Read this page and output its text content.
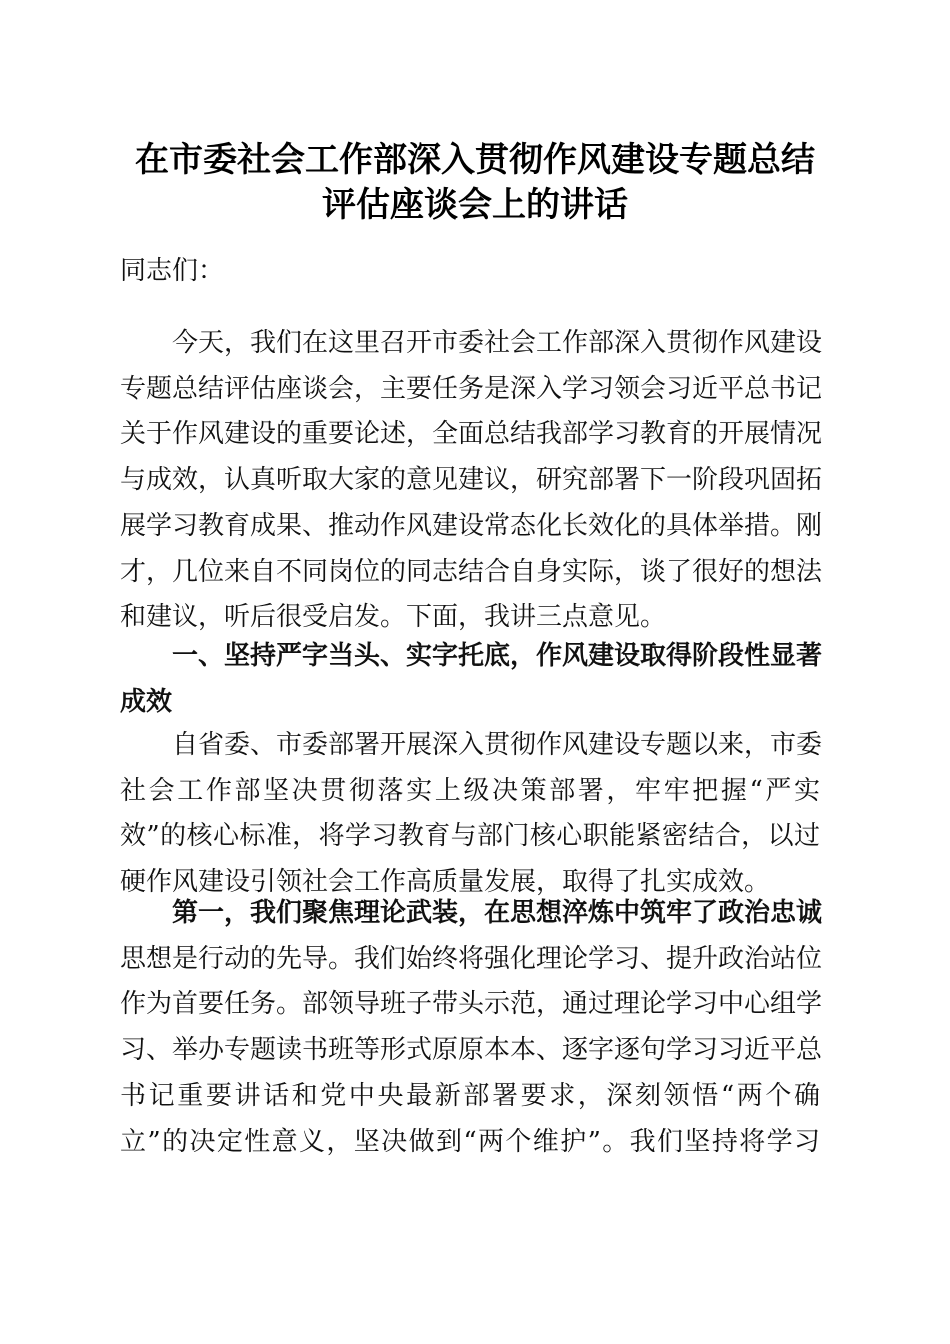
在市委社会工作部深入贯彻作风建设专题总结
评估座谈会上的讲话
同志们：
今天，我们在这里召开市委社会工作部深入贯彻作风建设
专题总结评估座谈会，主要任务是深入学习领会习近平总书记
关于作风建设的重要论述，全面总结我部学习教育的开展情况
与成效，认真听取大家的意见建议，研究部署下一阶段巩固拓
展学习教育成果、推动作风建设常态化长效化的具体举措。刚
才，几位来自不同岗位的同志结合自身实际，谈了很好的想法
和建议，听后很受启发。下面，我讲三点意见。
一、坚持严字当头、实字托底，作风建设取得阶段性显著
成效
自省委、市委部署开展深入贯彻作风建设专题以来，市委
社会工作部坚决贯彻落实上级决策部署，牢牢把握“严实
效”的核心标准，将学习教育与部门核心职能紧密结合，以过
硬作风建设引领社会工作高质量发展，取得了扎实成效。
第一，我们聚焦理论武装，在思想淬炼中筑牢了政治忠诚
思想是行动的先导。我们始终将强化理论学习、提升政治站位
作为首要任务。部领导班子带头示范，通过理论学习中心组学
习、举办专题读书班等形式原原本本、逐字逐句学习习近平总
书记重要讲话和党中央最新部署要求，深刻领悟“两个确
立”的决定性意义，坚决做到“两个维护”。我们坚持将学习
